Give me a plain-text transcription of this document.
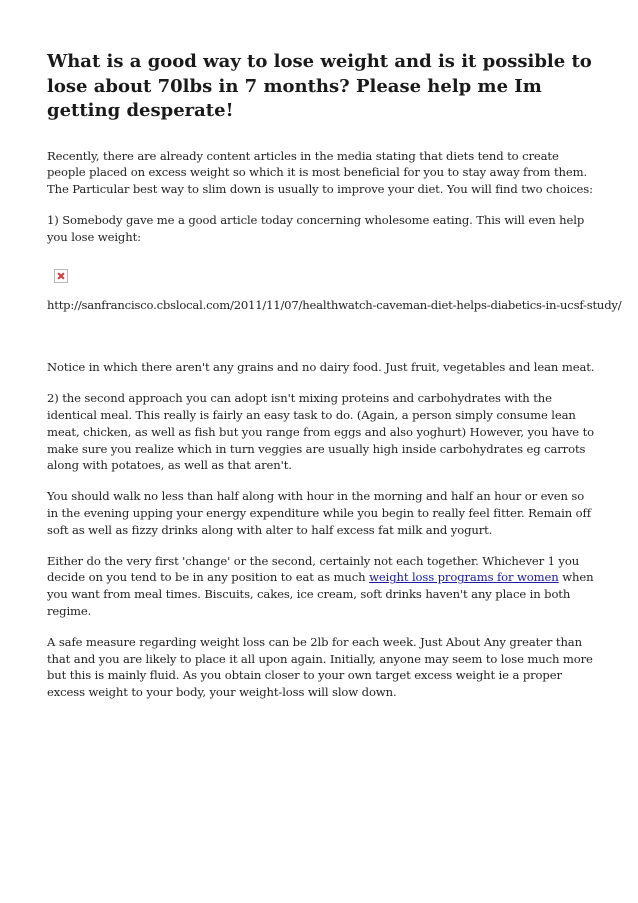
What is a good way to lose weight and is it possible to lose about 70lbs in 7 months? Please help me Im getting desperate!

Recently, there are already content articles in the media stating that diets tend to create people placed on excess weight so which it is most beneficial for you to stay away from them. The Particular best way to slim down is usually to improve your diet. You will find two choices:

1) Somebody gave me a good article today concerning wholesome eating. This will even help you lose weight:

http://sanfrancisco.cbslocal.com/2011/11/07/healthwatch-caveman-diet-helps-diabetics-in-ucsf-study/

Notice in which there aren't any grains and no dairy food. Just fruit, vegetables and lean meat.

2) the second approach you can adopt isn't mixing proteins and carbohydrates with the identical meal. This really is fairly an easy task to do. (Again, a person simply consume lean meat, chicken, as well as fish but you range from eggs and also yoghurt) However, you have to make sure you realize which in turn veggies are usually high inside carbohydrates eg carrots along with potatoes, as well as that aren't.

You should walk no less than half along with hour in the morning and half an hour or even so in the evening upping your energy expenditure while you begin to really feel fitter. Remain off soft as well as fizzy drinks along with alter to half excess fat milk and yogurt.

Either do the very first 'change' or the second, certainly not each together. Whichever 1 you decide on you tend to be in any position to eat as much weight loss programs for women when you want from meal times. Biscuits, cakes, ice cream, soft drinks haven't any place in both regime.

A safe measure regarding weight loss can be 2lb for each week. Just About Any greater than that and you are likely to place it all upon again. Initially, anyone may seem to lose much more but this is mainly fluid. As you obtain closer to your own target excess weight ie a proper excess weight to your body, your weight-loss will slow down.
